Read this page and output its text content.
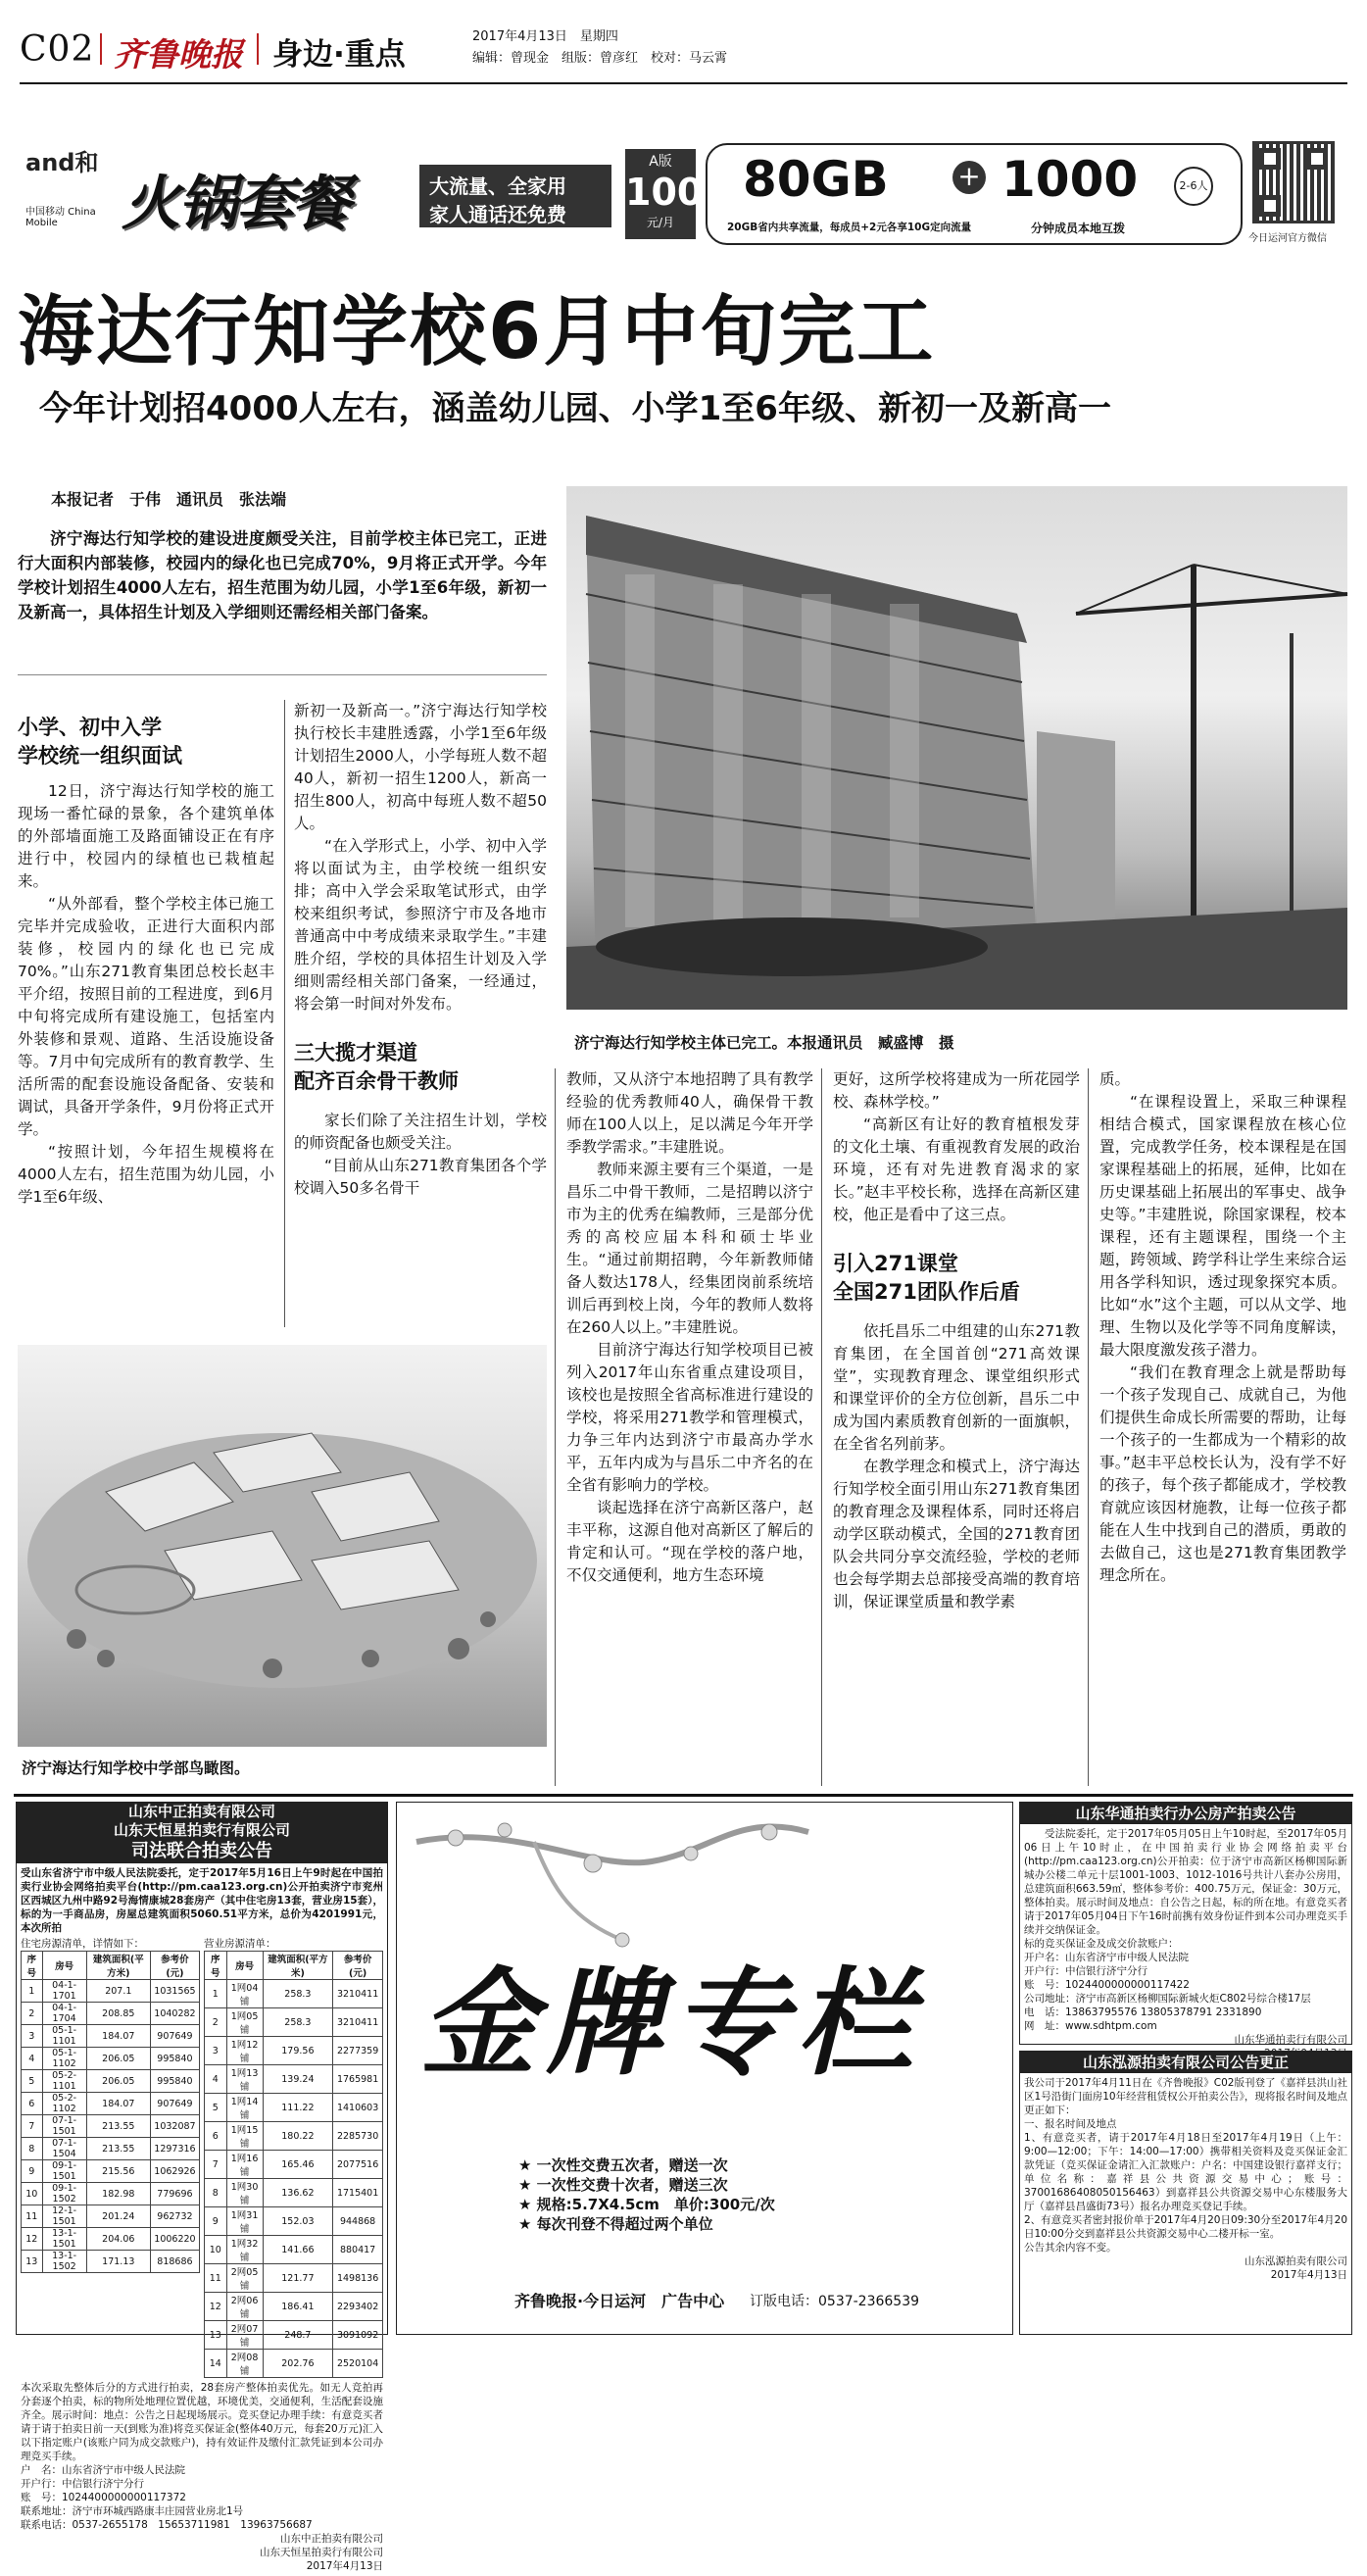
C02 齐鲁晚报 身边·重点
2017年4月13日　星期四
编辑：曾现金　组版：曾彦红　校对：马云霄
and和
中国移动 China Mobile	火锅套餐	大流量、全家用
家人通话还免费
A版
100
元/月
80GB	+ 1000	2-6人
20GB省内共享流量，每成员+2元各享10G定向流量	分钟成员本地互拨
今日运河官方微信
海达行知学校6月中旬完工
今年计划招4000人左右，涵盖幼儿园、小学1至6年级、新初一及新高一

本报记者　于伟　通讯员　张法端

济宁海达行知学校的建设进度颇受关注，目前学校主体已完工，正进行大面积内部装修，校园内的绿化也已完成70%，9月将正式开学。今年学校计划招生4000人左右，招生范围为幼儿园，小学1至6年级，新初一及新高一，具体招生计划及入学细则还需经相关部门备案。

济宁海达行知学校主体已完工。本报通讯员　臧盛博　摄
小学、初中入学
学校统一组织面试

12日，济宁海达行知学校的施工现场一番忙碌的景象，各个建筑单体的外部墙面施工及路面铺设正在有序进行中，校园内的绿植也已栽植起来。

“从外部看，整个学校主体已施工完毕并完成验收，正进行大面积内部装修，校园内的绿化也已完成70%。”山东271教育集团总校长赵丰平介绍，按照目前的工程进度，到6月中旬将完成所有建设施工，包括室内外装修和景观、道路、生活设施设备等。7月中旬完成所有的教育教学、生活所需的配套设施设备配备、安装和调试，具备开学条件，9月份将正式开学。

“按照计划，今年招生规模将在4000人左右，招生范围为幼儿园，小学1至6年级、

新初一及新高一。”济宁海达行知学校执行校长丰建胜透露，小学1至6年级计划招生2000人，小学每班人数不超40人，新初一招生1200人，新高一招生800人，初高中每班人数不超50人。

“在入学形式上，小学、初中入学将以面试为主，由学校统一组织安排；高中入学会采取笔试形式，由学校来组织考试，参照济宁市及各地市普通高中中考成绩来录取学生。”丰建胜介绍，学校的具体招生计划及入学细则需经相关部门备案，一经通过，将会第一时间对外发布。

三大揽才渠道
配齐百余骨干教师

家长们除了关注招生计划，学校的师资配备也颇受关注。

“目前从山东271教育集团各个学校调入50多名骨干

济宁海达行知学校中学部鸟瞰图。

教师，又从济宁本地招聘了具有教学经验的优秀教师40人，确保骨干教师在100人以上，足以满足今年开学季教学需求。”丰建胜说。

教师来源主要有三个渠道，一是昌乐二中骨干教师，二是招聘以济宁市为主的优秀在编教师，三是部分优秀的高校应届本科和硕士毕业生。“通过前期招聘，今年新教师储备人数达178人，经集团岗前系统培训后再到校上岗，今年的教师人数将在260人以上。”丰建胜说。

目前济宁海达行知学校项目已被列入2017年山东省重点建设项目，该校也是按照全省高标准进行建设的学校，将采用271教学和管理模式，力争三年内达到济宁市最高办学水平，五年内成为与昌乐二中齐名的在全省有影响力的学校。

谈起选择在济宁高新区落户，赵丰平称，这源自他对高新区了解后的肯定和认可。“现在学校的落户地，不仅交通便利，地方生态环境

更好，这所学校将建成为一所花园学校、森林学校。”

“高新区有让好的教育植根发芽的文化土壤、有重视教育发展的政治环境，还有对先进教育渴求的家长。”赵丰平校长称，选择在高新区建校，他正是看中了这三点。

引入271课堂
全国271团队作后盾

依托昌乐二中组建的山东271教育集团，在全国首创“271高效课堂”，实现教育理念、课堂组织形式和课堂评价的全方位创新，昌乐二中成为国内素质教育创新的一面旗帜，在全省名列前茅。

在教学理念和模式上，济宁海达行知学校全面引用山东271教育集团的教育理念及课程体系，同时还将启动学区联动模式，全国的271教育团队会共同分享交流经验，学校的老师也会每学期去总部接受高端的教育培训，保证课堂质量和教学素

质。

“在课程设置上，采取三种课程相结合模式，国家课程放在核心位置，完成教学任务，校本课程是在国家课程基础上的拓展，延伸，比如在历史课基础上拓展出的军事史、战争史等。”丰建胜说，除国家课程，校本课程，还有主题课程，围绕一个主题，跨领域、跨学科让学生来综合运用各学科知识，透过现象探究本质。比如“水”这个主题，可以从文学、地理、生物以及化学等不同角度解读，最大限度激发孩子潜力。

“我们在教育理念上就是帮助每一个孩子发现自己、成就自己，为他们提供生命成长所需要的帮助，让每一个孩子的一生都成为一个精彩的故事。”赵丰平总校长认为，没有学不好的孩子，每个孩子都能成才，学校教育就应该因材施教，让每一位孩子都能在人生中找到自己的潜质，勇敢的去做自己，这也是271教育集团教学理念所在。

山东中正拍卖有限公司
山东天恒星拍卖行有限公司
司法联合拍卖公告

受山东省济宁市中级人民法院委托，定于2017年5月16日上午9时起在中国拍卖行业协会网络拍卖平台(http://pm.caa123.org.cn)公开拍卖济宁市兖州区西城区九州中路92号海情康城28套房产（其中住宅房13套，营业房15套），标的为一手商品房，房屋总建筑面积5060.51平方米，总价为4201991元，本次所拍

住宅房源清单，详情如下：
序号	房号	建筑面积(平方米)	参考价(元)
1	04-1-1701	207.1	1031565
2	04-1-1704	208.85	1040282
3	05-1-1101	184.07	907649
4	05-1-1102	206.05	995840
5	05-2-1101	206.05	995840
6	05-2-1102	184.07	907649
7	07-1-1501	213.55	1032087
8	07-1-1504	213.55	1297316
9	09-1-1501	215.56	1062926
10	09-1-1502	182.98	779696
11	12-1-1501	201.24	962732
12	13-1-1501	204.06	1006220
13	13-1-1502	171.13	818686
营业房源清单：
序号	房号	建筑面积(平方米)	参考价(元)
1	1网04铺	258.3	3210411
2	1网05铺	258.3	3210411
3	1网12铺	179.56	2277359
4	1网13铺	139.24	1765981
5	1网14铺	111.22	1410603
6	1网15铺	180.22	2285730
7	1网16铺	165.46	2077516
8	1网30铺	136.62	1715401
9	1网31铺	152.03	944868
10	1网32铺	141.66	880417
11	2网05铺	121.77	1498136
12	2网06铺	186.41	2293402
13	2网07铺	248.7	3091092
14	2网08铺	202.76	2520104

本次采取先整体后分的方式进行拍卖，28套房产整体拍卖优先。如无人竞拍再分套逐个拍卖，标的物所处地理位置优越，环境优美，交通便利，生活配套设施齐全。展示时间：地点：公告之日起现场展示。竞买登记办理手续：有意竞买者请于请于拍卖日前一天(到账为准)将竞买保证金(整体40万元，每套20万元)汇入以下指定账户(该账户同为成交款账户)，持有效证件及缴付汇款凭证到本公司办理竞买手续。

户　名：山东省济宁市中级人民法院
开户行：中信银行济宁分行
账　号：1024400000000117372

联系地址：济宁市环城西路康丰庄园营业房北1号
联系电话：0537-2655178　15653711981　13963756687

山东中正拍卖有限公司
山东天恒星拍卖行有限公司
2017年4月13日

金牌专栏
★ 一次性交费五次者，赠送一次
★ 一次性交费十次者，赠送三次
★ 规格:5.7X4.5cm　单价:300元/次
★ 每次刊登不得超过两个单位
齐鲁晚报·今日运河　广告中心 订版电话：0537-2366539
山东华通拍卖行办公房产拍卖公告

受法院委托，定于2017年05月05日上午10时起，至2017年05月06日上午10时止，在中国拍卖行业协会网络拍卖平台(http://pm.caa123.org.cn)公开拍卖：位于济宁市高新区杨柳国际新城办公楼二单元十层1001-1003、1012-1016号共计八套办公房用，总建筑面积663.59㎡，整体参考价：400.75万元，保证金：30万元，整体拍卖。展示时间及地点：自公告之日起，标的所在地。有意竞买者请于2017年05月04日下午16时前携有效身份证件到本公司办理竞买手续并交纳保证金。

标的竞买保证金及成交价款账户：
开户名：山东省济宁市中级人民法院
开户行：中信银行济宁分行
账　号：1024400000000117422

公司地址：济宁市高新区杨柳国际新城火炬C802号综合楼17层
电　话：13863795576 13805378791 2331890
网　址：www.sdhtpm.com

山东华通拍卖行有限公司

山东泓源拍卖有限公司公告更正

我公司于2017年4月11日在《齐鲁晚报》C02版刊登了《嘉祥县洪山社区1号沿街门面房10年经营租赁权公开拍卖公告》，现将报名时间及地点更正如下：
一、报名时间及地点
1、有意竞买者，请于2017年4月18日至2017年4月19日（上午：9:00—12:00；下午：14:00—17:00）携带相关资料及竞买保证金汇款凭证（竞买保证金请汇入汇款账户：户名：中国建设银行嘉祥支行；单位名称：嘉祥县公共资源交易中心；账号：37001686408050156463）到嘉祥县公共资源交易中心东楼服务大厅（嘉祥县昌盛街73号）报名办理竞买登记手续。
2、有意竞买者密封报价单于2017年4月20日09:30分至2017年4月20日10:00分交到嘉祥县公共资源交易中心二楼开标一室。
公告其余内容不变。

山东泓源拍卖有限公司
2017年4月13日
